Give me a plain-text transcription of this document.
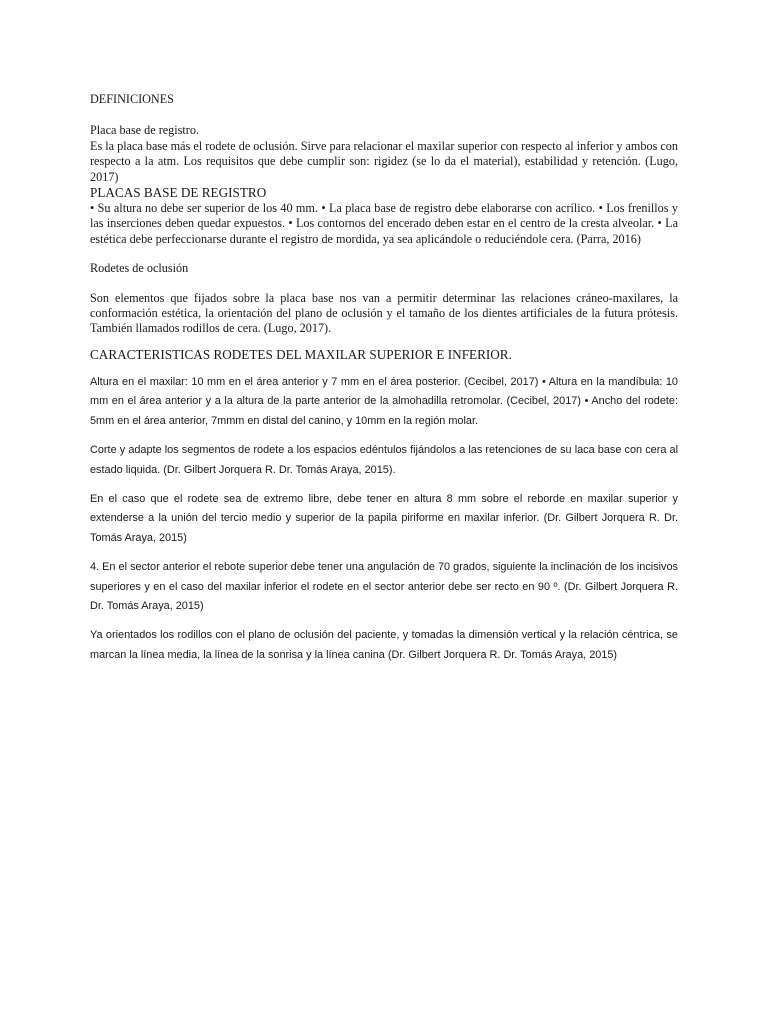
DEFINICIONES
Placa base de registro.

Es la placa base más el rodete de oclusión. Sirve para relacionar el maxilar superior con respecto al inferior y ambos con respecto a la atm. Los requisitos que debe cumplir son: rigidez (se lo da el material), estabilidad y retención. (Lugo, 2017)

PLACAS BASE DE REGISTRO

• Su altura no debe ser superior de los 40 mm. • La placa base de registro debe elaborarse con acrílico. • Los frenillos y las inserciones deben quedar expuestos. • Los contornos del encerado deben estar en el centro de la cresta alveolar. • La estética debe perfeccionarse durante el registro de mordida, ya sea aplicándole o reduciéndole cera. (Parra, 2016)

Rodetes de oclusión

Son elementos que fijados sobre la placa base nos van a permitir determinar las relaciones cráneo-maxilares, la conformación estética, la orientación del plano de oclusión y el tamaño de los dientes artificiales de la futura prótesis. También llamados rodillos de cera. (Lugo, 2017).

CARACTERISTICAS RODETES DEL MAXILAR SUPERIOR E INFERIOR.

Altura en el maxilar: 10 mm en el área anterior y 7 mm en el área posterior. (Cecibel, 2017) • Altura en la mandíbula: 10 mm en el área anterior y a la altura de la parte anterior de la almohadilla retromolar. (Cecibel, 2017) • Ancho del rodete: 5mm en el área anterior, 7mmm en distal del canino, y 10mm en la región molar.

Corte y adapte los segmentos de rodete a los espacios edéntulos fijándolos a las retenciones de su laca base con cera al estado liquida. (Dr. Gilbert Jorquera R. Dr. Tomás Araya, 2015).

En el caso que el rodete sea de extremo libre, debe tener en altura 8 mm sobre el reborde en maxilar superior y extenderse a la unión del tercio medio y superior de la papila piriforme en maxilar inferior. (Dr. Gilbert Jorquera R. Dr. Tomás Araya, 2015)

4. En el sector anterior el rebote superior debe tener una angulación de 70 grados, siguiente la inclinación de los incisivos superiores y en el caso del maxilar inferior el rodete en el sector anterior debe ser recto en 90 º. (Dr. Gilbert Jorquera R. Dr. Tomás Araya, 2015)

Ya orientados los rodillos con el plano de oclusión del paciente, y tomadas la dimensión vertical y la relación céntrica, se marcan la línea media, la línea de la sonrisa y la línea canina (Dr. Gilbert Jorquera R. Dr. Tomás Araya, 2015)
